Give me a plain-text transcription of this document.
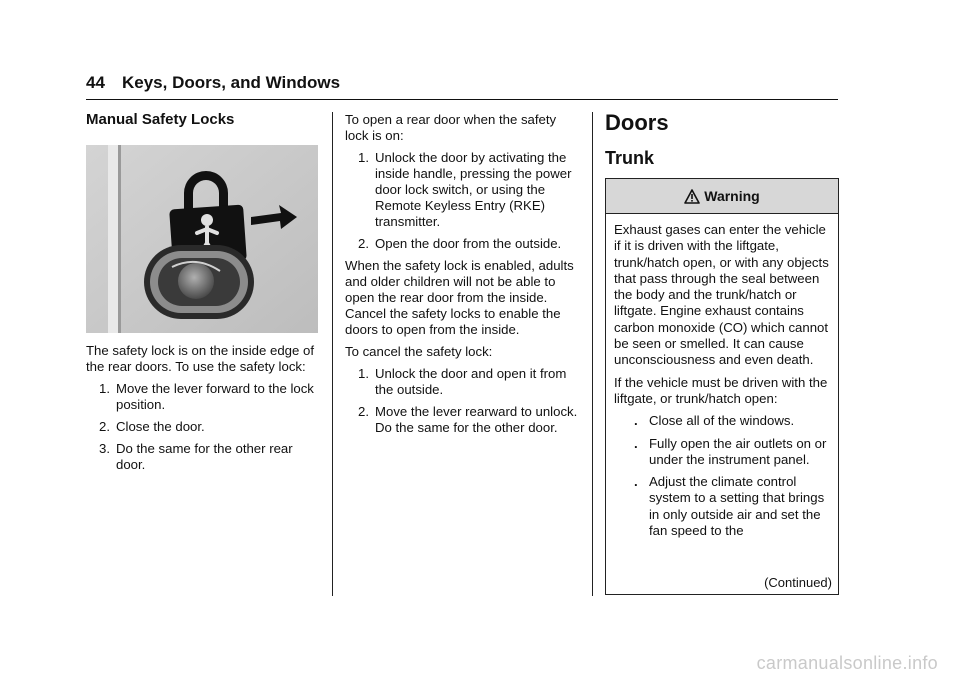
44 Keys, Doors, and Windows
Manual Safety Locks

The safety lock is on the inside edge of the rear doors. To use the safety lock:

1. Move the lever forward to the lock position.
2. Close the door.
3. Do the same for the other rear door.

To open a rear door when the safety lock is on:

1. Unlock the door by activating the inside handle, pressing the power door lock switch, or using the Remote Keyless Entry (RKE) transmitter.
2. Open the door from the outside.

When the safety lock is enabled, adults and older children will not be able to open the rear door from the inside. Cancel the safety locks to enable the doors to open from the inside.

To cancel the safety lock:

1. Unlock the door and open it from the outside.
2. Move the lever rearward to unlock. Do the same for the other door.
Doors
Trunk
Warning

Exhaust gases can enter the vehicle if it is driven with the liftgate, trunk/hatch open, or with any objects that pass through the seal between the body and the trunk/hatch or liftgate. Engine exhaust contains carbon monoxide (CO) which cannot be seen or smelled. It can cause unconsciousness and even death.

If the vehicle must be driven with the liftgate, or trunk/hatch open:

. Close all of the windows.
. Fully open the air outlets on or under the instrument panel.
. Adjust the climate control system to a setting that brings in only outside air and set the fan speed to the
(Continued)
carmanualsonline.info
